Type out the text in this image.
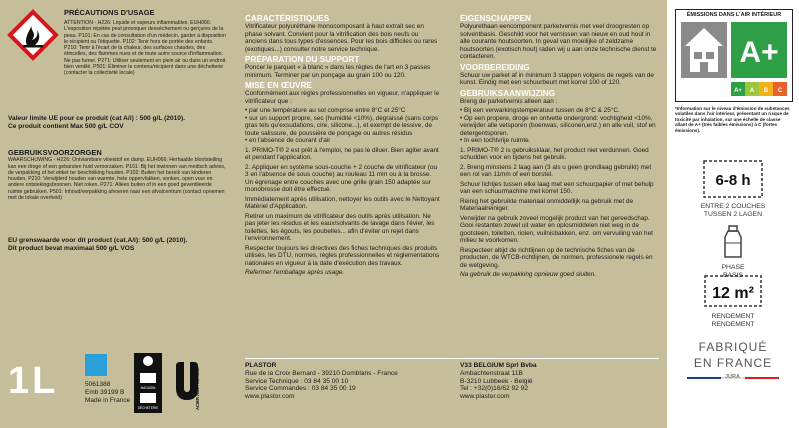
PRÉCAUTIONS D'USAGE
ATTENTION - H226: Liquide et vapeurs inflammables. EUH066: L'exposition répétée peut provoquer dessèchement ou gerçures de la peau. P101: En cas de consultation d'un médecin, garder à disposition le récipient ou l'étiquette. P102: Tenir hors de portée des enfants. P210: Tenir à l'écart de la chaleur, des surfaces chaudes, des étincelles, des flammes nues et de toute autre source d'inflammation. Ne pas fumer. P271: Utiliser seulement en plein air ou dans un endroit bien ventilé. P501: Éliminer le contenu/récipient dans une déchetterie (contacter la collectivité locale)
Valeur limite UE pour ce produit (cat A/i) : 500 g/L (2010).
Ce produit contient Max 500 g/L COV
GEBRUIKSVOORZORGEN
WAARSCHUWING - H226: Ontvlambare vloeistof en damp. EUH066: Herhaalde blootstelling kan een droge of een gebarsten huid veroorzaken. P101: Bij het inwinnen van medisch advies, de verpakking of het etiket ter beschikking houden. P102: Buiten het bereik van kinderen houden. P210: Verwijderd houden van warmte, hete oppervlakken, vonken, open vuur en andere ontstekingsbronnen. Niet roken. P271: Alleen buiten of in een goed geventileerde ruimte gebruiken. P501: Inhoud/verpakking afvoeren naar een afvalcentrum (contact opnemen met de lokale overheid)
EU grenswaarde voor dit product (cat.A/i): 500 g/L (2010).
Dit product bevat maximaal 500 g/L VOS
1L	5061388
Emb 39199 B
Made in France
MAGASIN
DÉCHETERIE	ACIER RECYCLABLE
CARACTÉRISTIQUES
Vitrificateur polyuréthane monocomposant à haut extrait sec en phase solvant. Convient pour la vitrification des bois neufs ou anciens dans tous types d'essences. Pour les bois difficiles ou rares (exotiques...) consulter notre service technique.
PRÉPARATION DU SUPPORT
Poncer le parquet « à blanc » dans les règles de l'art en 3 passes minimum. Terminer par un ponçage au grain 100 ou 120.
MISE EN ŒUVRE
Conformément aux règles professionnelles en vigueur, n'appliquer le vitrificateur que :
• par une température au sol comprise entre 8°C et 25°C
• sur un support propre, sec (humidité <10%), dégraissé (sans corps gras tels qu'exsudations, cire, silicone...), et exempt de lessive, de toute salissure, de poussière de ponçage ou autres résidus
• en l'absence de courant d'air
1. PRIMO-T® 2 est prêt à l'emploi, ne pas le diluer. Bien agiter avant et pendant l'application.
2. Appliquer en système sous-couche + 2 couche de vitrificateur (ou 3 en l'absence de sous couche) au rouleau 11 mm ou à la brosse. Un égrenage entre couches avec une grille grain 150 adaptée sur monobrosse doit être effectué.
Immédiatement après utilisation, nettoyer les outils avec le Nettoyant Matériel d'Application.
Retirer un maximum de vitrificateur des outils après utilisation. Ne pas jeter les résidus et les eaux/solvants de lavage dans l'évier, les toilettes, les égouts, les poubelles... afin d'éviter un rejet dans l'environnement.
Respecter toujours les directives des fiches techniques des produits utilisés, les DTU, normes, règles professionnelles et réglementations nationales en vigueur à la date d'exécution des travaux.
Refermer l'emballage après usage.
EIGENSCHAPPEN
Polyurethaan eencomponent parketvernis met veel droogresten op solventbasis. Geschikt voor het vernissen van nieuw en oud hout in alle courante houtsoorten. In geval van moeilijke of zeldzame houtsoorten (exotisch hout) raden wij u aan onze technische dienst te contacteren.
VOORBEREIDING
Schuur uw parket af in minimum 3 stappen volgens de regels van de kunst. Eindig met een schuurbeurt met korrel 100 of 120.
GEBRUIKSAANWIJZING
Breng de parketvernis alleen aan :
• Bij een verwarkingstemperatuur tussen de 8°C & 25°C.
• Op een propere, droge en ontvette ondergrond: vochtigheid <10%, verwijder alle vetsporen (boenwas, siliconen,enz.) en alle vuil, stof en detergentsporen.
• In een tochtvrije ruimte.
1. PRIMO-T® 2 is gebruiksklaar, het product niet verdunnen. Goed schudden voor en tijdens het gebruik.
2. Breng minstens 2 laag aan (3 als u geen grondlaag gebruikt) met een rol van 11mm of een borstel.
Schuur lichtjes tussen elke laag met een schuurpapier of met behulp van een schuurmachine met korrel 150.
Reinig het gebruikte materiaal onmiddellijk na gebruik met de Materiaalreiniger.
Verwijder na gebruik zoveel mogelijk product van het gereedschap. Gooi restanten zowel uit water en oplosmiddelen niet weg in de gootsteen, toiletten, riolen, vuilnisbakken, enz. om vervuiling van het milieu te voorkomen.
Respecteer altijd de richtlijnen op de technische fiches van de producten, de WTCB-richtlijnen, de normen, professionele regels en de wetgeving.
Na gebruik de verpakking opnieuw goed sluiten.
PLASTOR
Rue de la Croix Bernard - 39210 Domblans - France
Service Technique : 03 84 35 00 10
Service Commandes : 03 84 35 00 19
www.plastor.com
V33 BELGIUM Sprl Bvba
Ambachtenstraat 11B
B-3210 Lubbeek - België
Tel : +32(0)16/62 92 92
www.plastor.com
ÉMISSIONS DANS L'AIR INTÉRIEUR
A+
A+ A B C
*Information sur le niveau d'émission de substances volatiles dans l'air intérieur, présentant un risque de toxicité par inhalation, sur une échelle de classe allant de A+ (très faibles émissions) à C (fortes émissions).
6-8 h
ENTRE 2 COUCHES
TUSSEN 2 LAGEN
PHASE
BASIS
12 m²
RENDEMENT
RENDEMENT
FABRIQUÉ
EN FRANCE
JURA
